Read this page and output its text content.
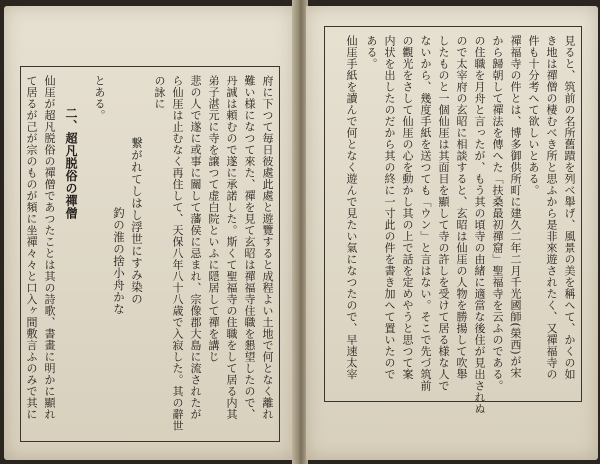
府に下つて毎日彼處此處と遊覽すると成程よい土地で何となく離れ
難い様になつて來た、禪を見て玄昭は禪福寺住職を懇望したので、
丹誠は頼むので遂に承諾した。斯くて聖福寺の住職をして居る内其
弟子湛元に寺を譲つて虚白院といふに隠居して禪を講じ
悲の人で遂に或事に關して藩侯に忌まれ、宗像郡大島に流されたが
ら仙厓は止むなく再住して、天保八年八十八歳で入寂した。其の辭世
の詠に
繋がれてしはし浮世にすみ染の
釣の淮の捨小舟かな
とある。
二、超凡脱俗の禪僧
仙厓が超凡脱俗の禪僧であつたことは其の詩歌、書畫に明かに顯れ
て居るが己が宗のものが頻に坐禪々々と口入ヶ間敷言ふのみで其に	見ると、筑前の名所舊蹟を列べ舉げ、風景の美を稱へて、かくの如
き地は禪僧の棲むべき所と思ふから是非來遊されたく、又禪福寺の
件も十分考へて欲しいとある。
禪福寺の件とは、博多御供所町に建久二年二月千光國師(榮西)が宋
から歸朝して禪法を傳へた「扶桑最初禪窟」聖福寺を云ふのである。
の住職を月舟と言ったが、もう其の頃寺の由緒に適當な後住が見出されぬ
ので太宰府の玄昭に相談すると、玄昭は仙厓の人物を勝揚して吹舉
したものと一個仙厓は其面目を顯して寺の許しを受けて居る様な人で
ないから、幾度手紙を送つても「ウン」と言はない。そこで先づ筑前
の觀光をさして仙厓の心を動かし其の上で話を定めやうと思つて案
内状を出したのだから其の終に一寸此の件を書き加へて置いたので
ある。
仙厓手紙を讀んで何となく遊んで見たい氣になつたので、早速太宰
